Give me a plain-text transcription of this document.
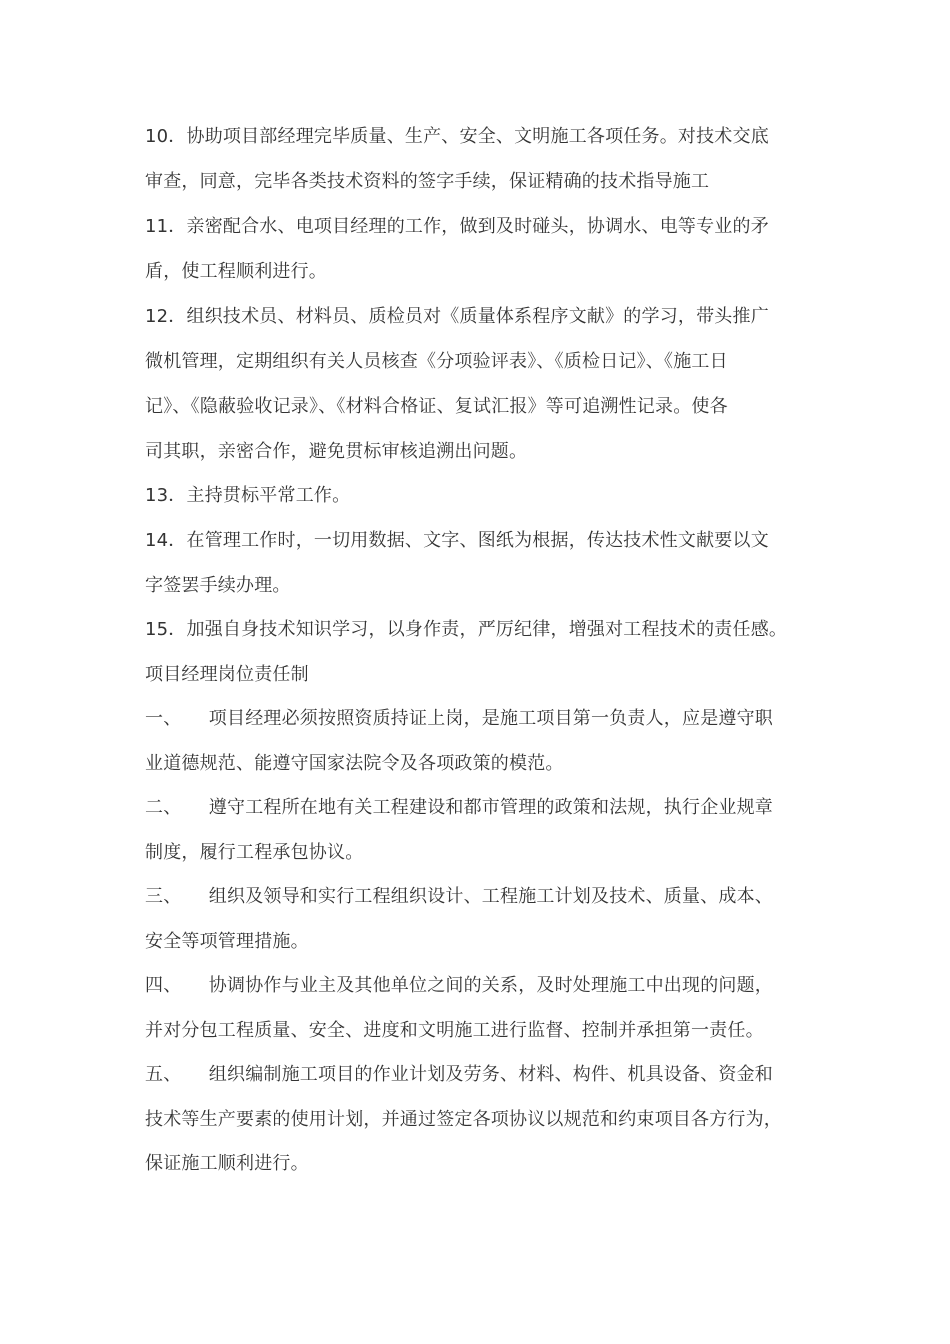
10．协助项目部经理完毕质量、生产、安全、文明施工各项任务。对技术交底
审查，同意，完毕各类技术资料的签字手续，保证精确的技术指导施工
11．亲密配合水、电项目经理的工作，做到及时碰头，协调水、电等专业的矛
盾，使工程顺利进行。
12．组织技术员、材料员、质检员对《质量体系程序文献》的学习，带头推广
微机管理，定期组织有关人员核查《分项验评表》、《质检日记》、《施工日
记》、《隐蔽验收记录》、《材料合格证、复试汇报》等可追溯性记录。使各
司其职，亲密合作，避免贯标审核追溯出问题。
13．主持贯标平常工作。
14．在管理工作时，一切用数据、文字、图纸为根据，传达技术性文献要以文
字签罢手续办理。
15．加强自身技术知识学习，以身作责，严厉纪律，增强对工程技术的责任感。
项目经理岗位责任制
一、　　项目经理必须按照资质持证上岗，是施工项目第一负责人，应是遵守职
业道德规范、能遵守国家法院令及各项政策的模范。
二、　　遵守工程所在地有关工程建设和都市管理的政策和法规，执行企业规章
制度，履行工程承包协议。
三、　　组织及领导和实行工程组织设计、工程施工计划及技术、质量、成本、
安全等项管理措施。
四、　　协调协作与业主及其他单位之间的关系，及时处理施工中出现的问题，
并对分包工程质量、安全、进度和文明施工进行监督、控制并承担第一责任。
五、　　组织编制施工项目的作业计划及劳务、材料、构件、机具设备、资金和
技术等生产要素的使用计划，并通过签定各项协议以规范和约束项目各方行为，
保证施工顺利进行。
